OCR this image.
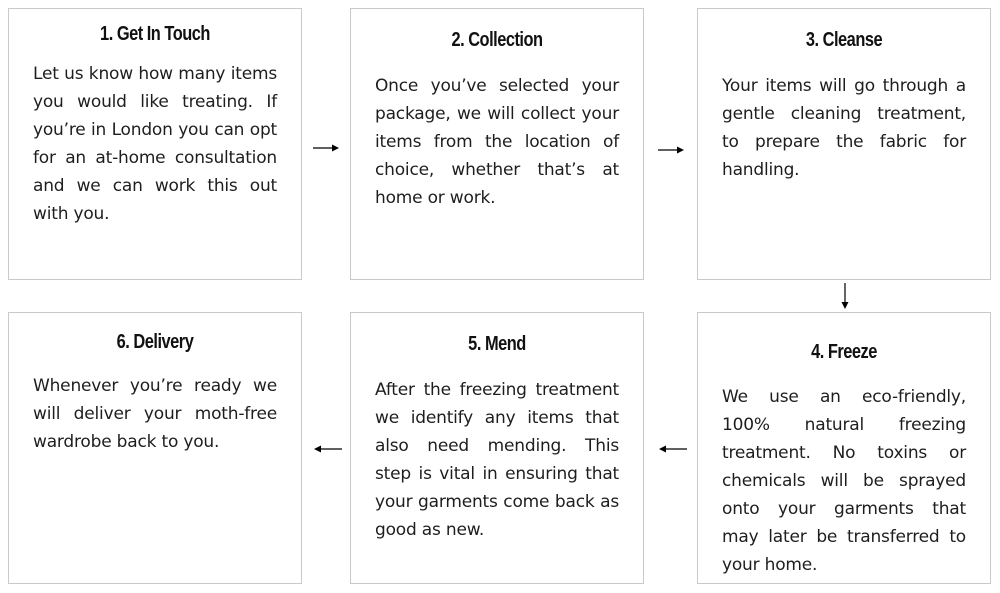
1. Get In Touch
Let us know how many items you would like treating. If you’re in London you can opt for an at-home consultation and we can work this out with you.
2. Collection
Once you’ve selected your package, we will collect your items from the location of choice, whether that’s at home or work.
3. Cleanse
Your items will go through a gentle cleaning treatment, to prepare the fabric for handling.
4. Freeze
We use an eco-friendly, 100% natural freezing treatment. No toxins or chemicals will be sprayed onto your garments that may later be transferred to your home.
5. Mend
After the freezing treatment we identify any items that also need mending. This step is vital in ensuring that your garments come back as good as new.
6. Delivery
Whenever you’re ready we will deliver your moth-free wardrobe back to you.
